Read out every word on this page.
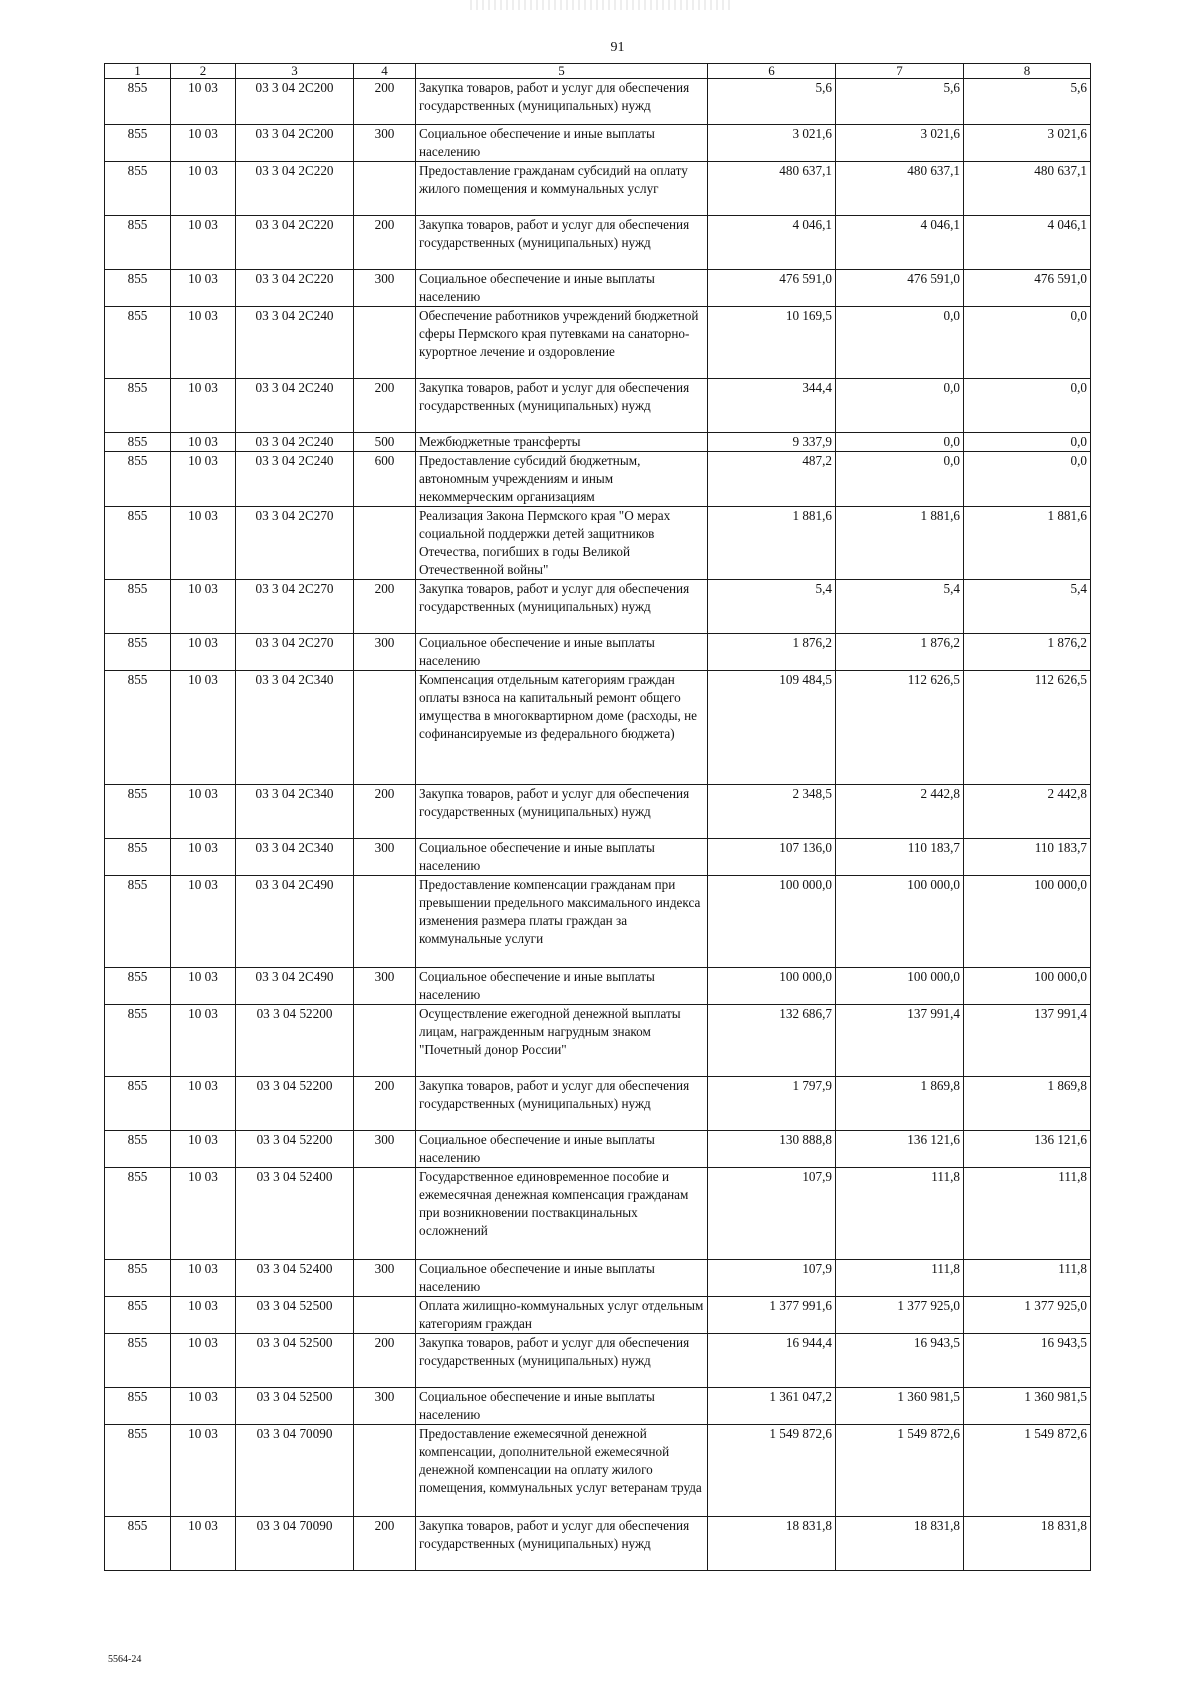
91
1	2	3	4	5	6	7	8
855	10 03	03 3 04 2С200	200	Закупка товаров, работ и услуг для обеспечения государственных (муниципальных) нужд	5,6	5,6	5,6
855	10 03	03 3 04 2С200	300	Социальное обеспечение и иные выплаты населению	3 021,6	3 021,6	3 021,6
855	10 03	03 3 04 2С220		Предоставление гражданам субсидий на оплату жилого помещения и коммунальных услуг	480 637,1	480 637,1	480 637,1
855	10 03	03 3 04 2С220	200	Закупка товаров, работ и услуг для обеспечения государственных (муниципальных) нужд	4 046,1	4 046,1	4 046,1
855	10 03	03 3 04 2С220	300	Социальное обеспечение и иные выплаты населению	476 591,0	476 591,0	476 591,0
855	10 03	03 3 04 2С240		Обеспечение работников учреждений бюджетной сферы Пермского края путевками на санаторно-курортное лечение и оздоровление	10 169,5	0,0	0,0
855	10 03	03 3 04 2С240	200	Закупка товаров, работ и услуг для обеспечения государственных (муниципальных) нужд	344,4	0,0	0,0
855	10 03	03 3 04 2С240	500	Межбюджетные трансферты	9 337,9	0,0	0,0
855	10 03	03 3 04 2С240	600	Предоставление субсидий бюджетным, автономным учреждениям и иным некоммерческим организациям	487,2	0,0	0,0
855	10 03	03 3 04 2С270		Реализация Закона Пермского края "О мерах социальной поддержки детей защитников Отечества, погибших в годы Великой Отечественной войны"	1 881,6	1 881,6	1 881,6
855	10 03	03 3 04 2С270	200	Закупка товаров, работ и услуг для обеспечения государственных (муниципальных) нужд	5,4	5,4	5,4
855	10 03	03 3 04 2С270	300	Социальное обеспечение и иные выплаты населению	1 876,2	1 876,2	1 876,2
855	10 03	03 3 04 2С340		Компенсация отдельным категориям граждан оплаты взноса на капитальный ремонт общего имущества в многоквартирном доме (расходы, не софинансируемые из федерального бюджета)	109 484,5	112 626,5	112 626,5
855	10 03	03 3 04 2С340	200	Закупка товаров, работ и услуг для обеспечения государственных (муниципальных) нужд	2 348,5	2 442,8	2 442,8
855	10 03	03 3 04 2С340	300	Социальное обеспечение и иные выплаты населению	107 136,0	110 183,7	110 183,7
855	10 03	03 3 04 2С490		Предоставление компенсации гражданам при превышении предельного максимального индекса изменения размера платы граждан за коммунальные услуги	100 000,0	100 000,0	100 000,0
855	10 03	03 3 04 2С490	300	Социальное обеспечение и иные выплаты населению	100 000,0	100 000,0	100 000,0
855	10 03	03 3 04 52200		Осуществление ежегодной денежной выплаты лицам, награжденным нагрудным знаком "Почетный донор России"	132 686,7	137 991,4	137 991,4
855	10 03	03 3 04 52200	200	Закупка товаров, работ и услуг для обеспечения государственных (муниципальных) нужд	1 797,9	1 869,8	1 869,8
855	10 03	03 3 04 52200	300	Социальное обеспечение и иные выплаты населению	130 888,8	136 121,6	136 121,6
855	10 03	03 3 04 52400		Государственное единовременное пособие и ежемесячная денежная компенсация гражданам при возникновении поствакцинальных осложнений	107,9	111,8	111,8
855	10 03	03 3 04 52400	300	Социальное обеспечение и иные выплаты населению	107,9	111,8	111,8
855	10 03	03 3 04 52500		Оплата жилищно-коммунальных услуг отдельным категориям граждан	1 377 991,6	1 377 925,0	1 377 925,0
855	10 03	03 3 04 52500	200	Закупка товаров, работ и услуг для обеспечения государственных (муниципальных) нужд	16 944,4	16 943,5	16 943,5
855	10 03	03 3 04 52500	300	Социальное обеспечение и иные выплаты населению	1 361 047,2	1 360 981,5	1 360 981,5
855	10 03	03 3 04 70090		Предоставление ежемесячной денежной компенсации, дополнительной ежемесячной денежной компенсации на оплату жилого помещения, коммунальных услуг ветеранам труда	1 549 872,6	1 549 872,6	1 549 872,6
855	10 03	03 3 04 70090	200	Закупка товаров, работ и услуг для обеспечения государственных (муниципальных) нужд	18 831,8	18 831,8	18 831,8
5564-24
